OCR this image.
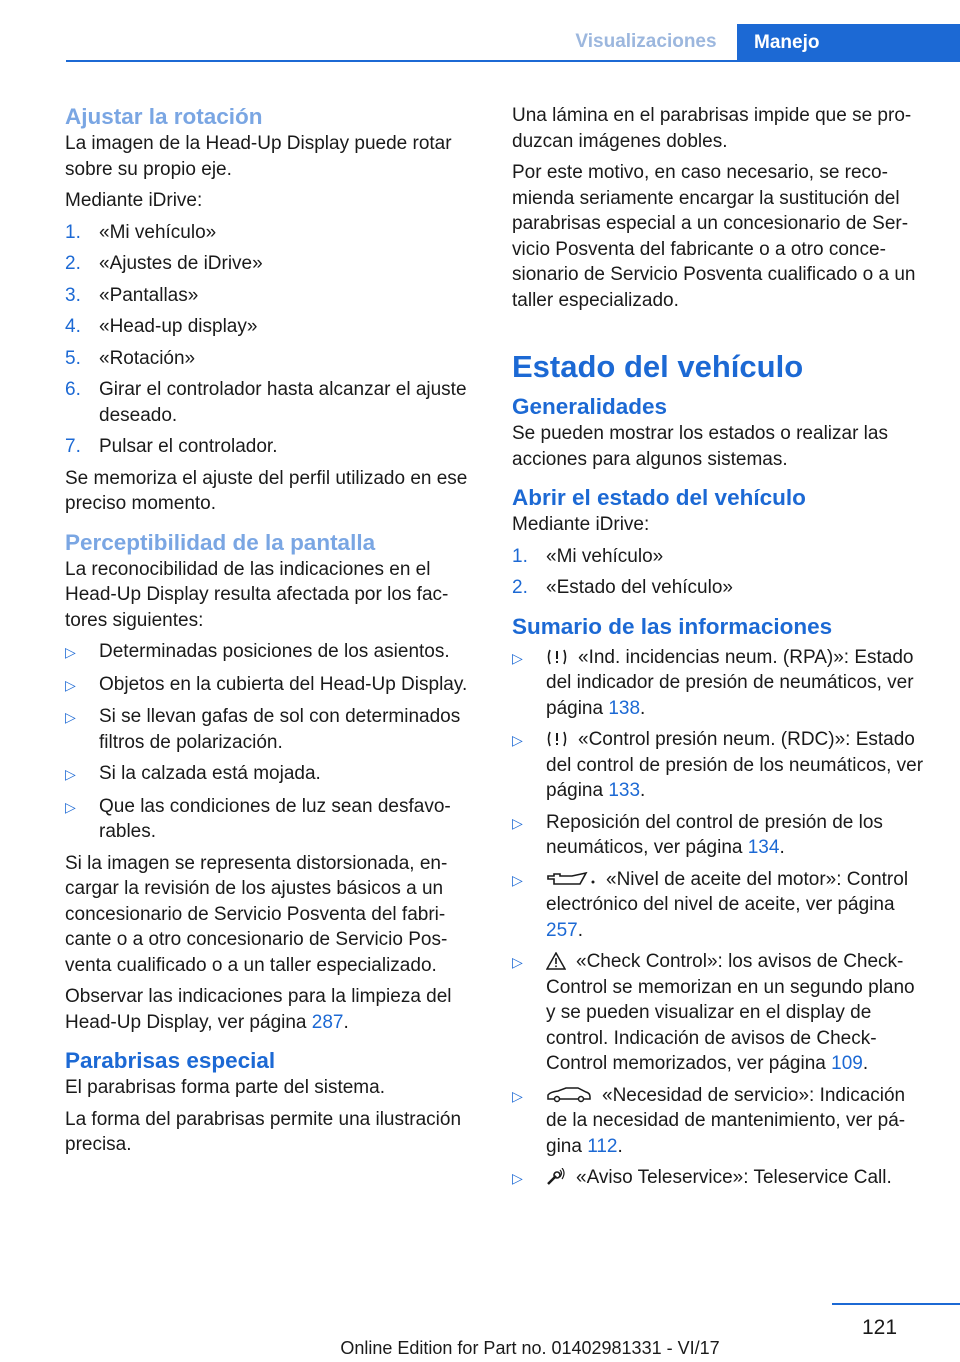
Visualizaciones	Manejo
Ajustar la rotación

La imagen de la Head-Up Display puede rotar sobre su propio eje.

Mediante iDrive:

1. «Mi vehículo»
2. «Ajustes de iDrive»
3. «Pantallas»
4. «Head-up display»
5. «Rotación»
6. Girar el controlador hasta alcanzar el ajuste deseado.
7. Pulsar el controlador.

Se memoriza el ajuste del perfil utilizado en ese preciso momento.

Perceptibilidad de la pantalla

La reconocibilidad de las indicaciones en el Head-Up Display resulta afectada por los factores siguientes:

▷	Determinadas posiciones de los asientos.
▷	Objetos en la cubierta del Head-Up Display.
▷	Si se llevan gafas de sol con determinados filtros de polarización.
▷	Si la calzada está mojada.
▷	Que las condiciones de luz sean desfavorables.

Si la imagen se representa distorsionada, encargar la revisión de los ajustes básicos a un concesionario de Servicio Posventa del fabricante o a otro concesionario de Servicio Posventa cualificado o a un taller especializado.

Observar las indicaciones para la limpieza del Head-Up Display, ver página 287.

Parabrisas especial

El parabrisas forma parte del sistema.

La forma del parabrisas permite una ilustración precisa.

Una lámina en el parabrisas impide que se produzcan imágenes dobles.

Por este motivo, en caso necesario, se recomienda seriamente encargar la sustitución del parabrisas especial a un concesionario de Servicio Posventa del fabricante o a otro concesionario de Servicio Posventa cualificado o a un taller especializado.

Estado del vehículo
Generalidades

Se pueden mostrar los estados o realizar las acciones para algunos sistemas.

Abrir el estado del vehículo

Mediante iDrive:

1. «Mi vehículo»
2. «Estado del vehículo»
Sumario de las informaciones
▷	«Ind. incidencias neum. (RPA)»: Estado del indicador de presión de neumáticos, ver página 138.
▷	«Control presión neum. (RDC)»: Estado del control de presión de los neumáticos, ver página 133.
▷	Reposición del control de presión de los neumáticos, ver página 134.
▷	«Nivel de aceite del motor»: Control electrónico del nivel de aceite, ver página 257.
▷	«Check Control»: los avisos de Check-Control se memorizan en un segundo plano y se pueden visualizar en el display de control. Indicación de avisos de Check-Control memorizados, ver página 109.
▷	«Necesidad de servicio»: Indicación de la necesidad de mantenimiento, ver página 112.
▷	«Aviso Teleservice»: Teleservice Call.
121
Online Edition for Part no. 01402981331 - VI/17
